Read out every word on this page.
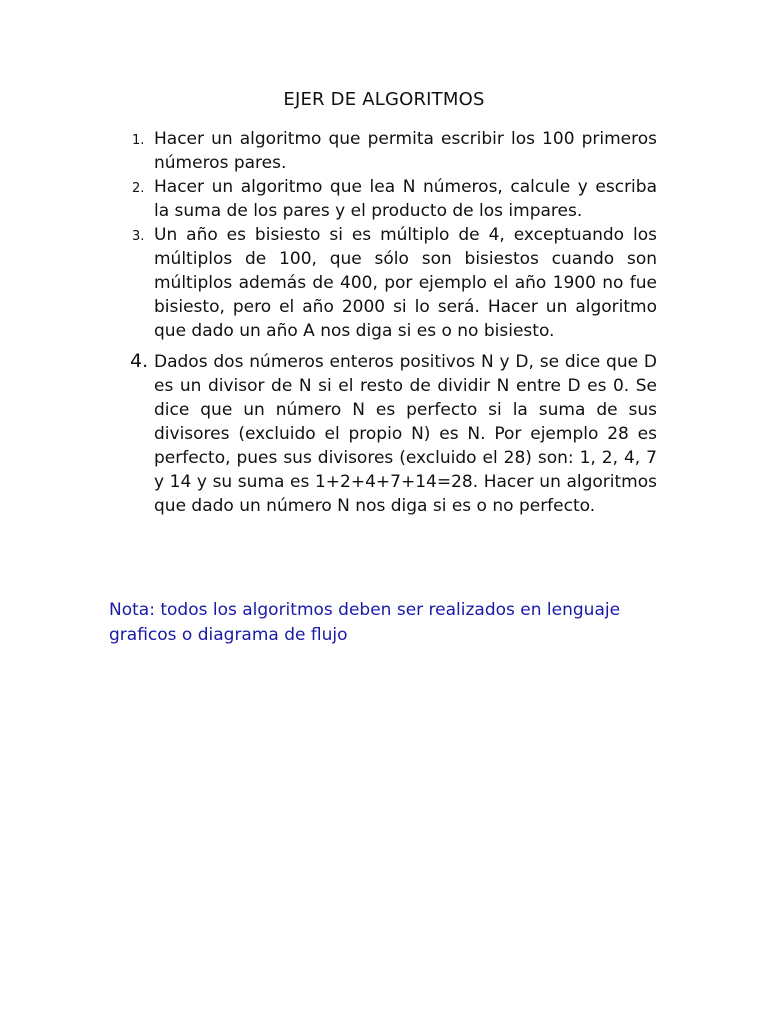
EJER DE ALGORITMOS
1. Hacer un algoritmo que permita escribir los 100 primeros números pares.
2. Hacer un algoritmo que lea N números, calcule y escriba la suma de los pares y el producto de los impares.
3. Un año es bisiesto si es múltiplo de 4, exceptuando los múltiplos de 100, que sólo son bisiestos cuando son múltiplos además de 400, por ejemplo el año 1900 no fue bisiesto, pero el año 2000 si lo será. Hacer un algoritmo que dado un año A nos diga si es o no bisiesto.
4. Dados dos números enteros positivos N y D, se dice que D es un divisor de N si el resto de dividir N entre D es 0. Se dice que un número N es perfecto si la suma de sus divisores (excluido el propio N) es N. Por ejemplo 28 es perfecto, pues sus divisores (excluido el 28) son: 1, 2, 4, 7 y 14 y su suma es 1+2+4+7+14=28. Hacer un algoritmos que dado un número N nos diga si es o no perfecto.

Nota: todos los algoritmos deben ser realizados en lenguaje graficos o diagrama de flujo
